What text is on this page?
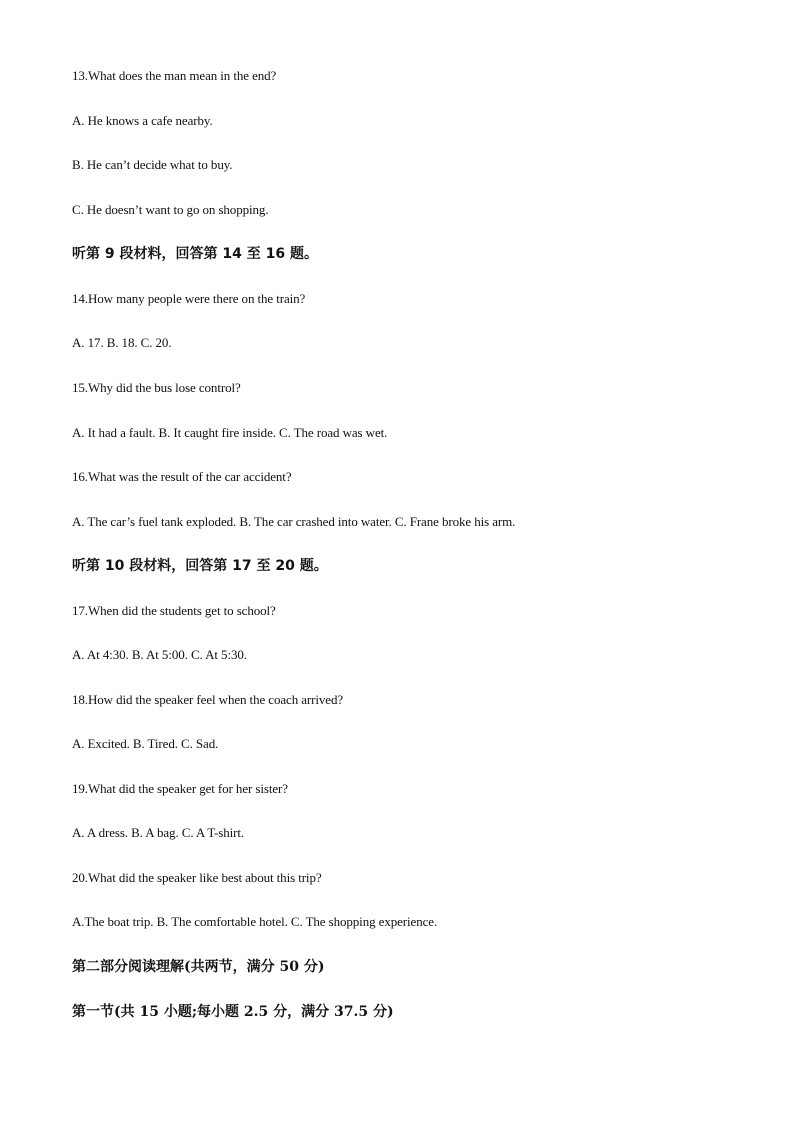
13.What does the man mean in the end?
A. He knows a cafe nearby.
B. He can’t decide what to buy.
C. He doesn’t want to go on shopping.
听第 9 段材料，回答第 14 至 16 题。
14.How many people were there on the train?
A. 17. B. 18. C. 20.
15.Why did the bus lose control?
A. It had a fault. B. It caught fire inside. C. The road was wet.
16.What was the result of the car accident?
A. The car’s fuel tank exploded. B. The car crashed into water. C. Frane broke his arm.
听第 10 段材料，回答第 17 至 20 题。
17.When did the students get to school?
A. At 4:30. B. At 5:00. C. At 5:30.
18.How did the speaker feel when the coach arrived?
A. Excited. B. Tired. C. Sad.
19.What did the speaker get for her sister?
A. A dress. B. A bag. C. A T-shirt.
20.What did the speaker like best about this trip?
A.The boat trip. B. The comfortable hotel. C. The shopping experience.
第二部分阅读理解(共两节，满分 50 分)
第一节(共 15 小题;每小题 2.5 分，满分 37.5 分)
